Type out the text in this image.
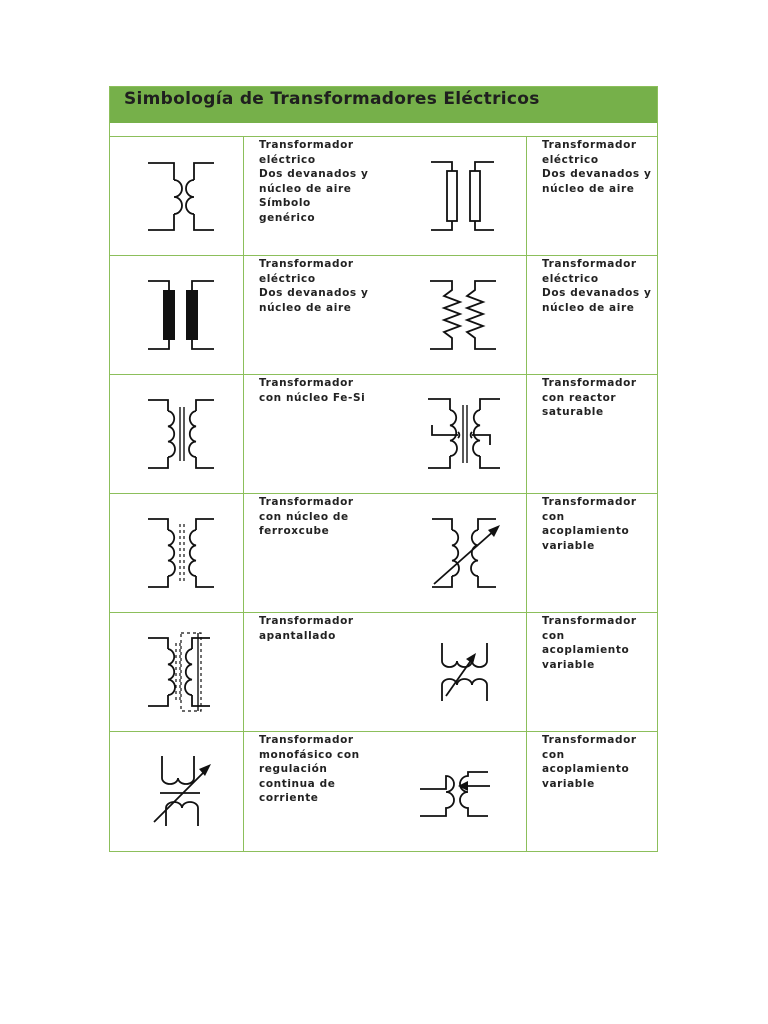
Simbología de Transformadores Eléctricos

Transformador
eléctrico
Dos devanados y
núcleo de aire
Símbolo
genérico

Transformador
eléctrico
Dos devanados y
núcleo de aire

Transformador
eléctrico
Dos devanados y
núcleo de aire

Transformador
eléctrico
Dos devanados y
núcleo de aire

Transformador
con núcleo Fe-Si

Transformador
con reactor
saturable

Transformador
con núcleo de
ferroxcube

Transformador
con
acoplamiento
variable

Transformador
apantallado

Transformador
con
acoplamiento
variable

Transformador
monofásico con
regulación
continua de
corriente

Transformador
con
acoplamiento
variable
